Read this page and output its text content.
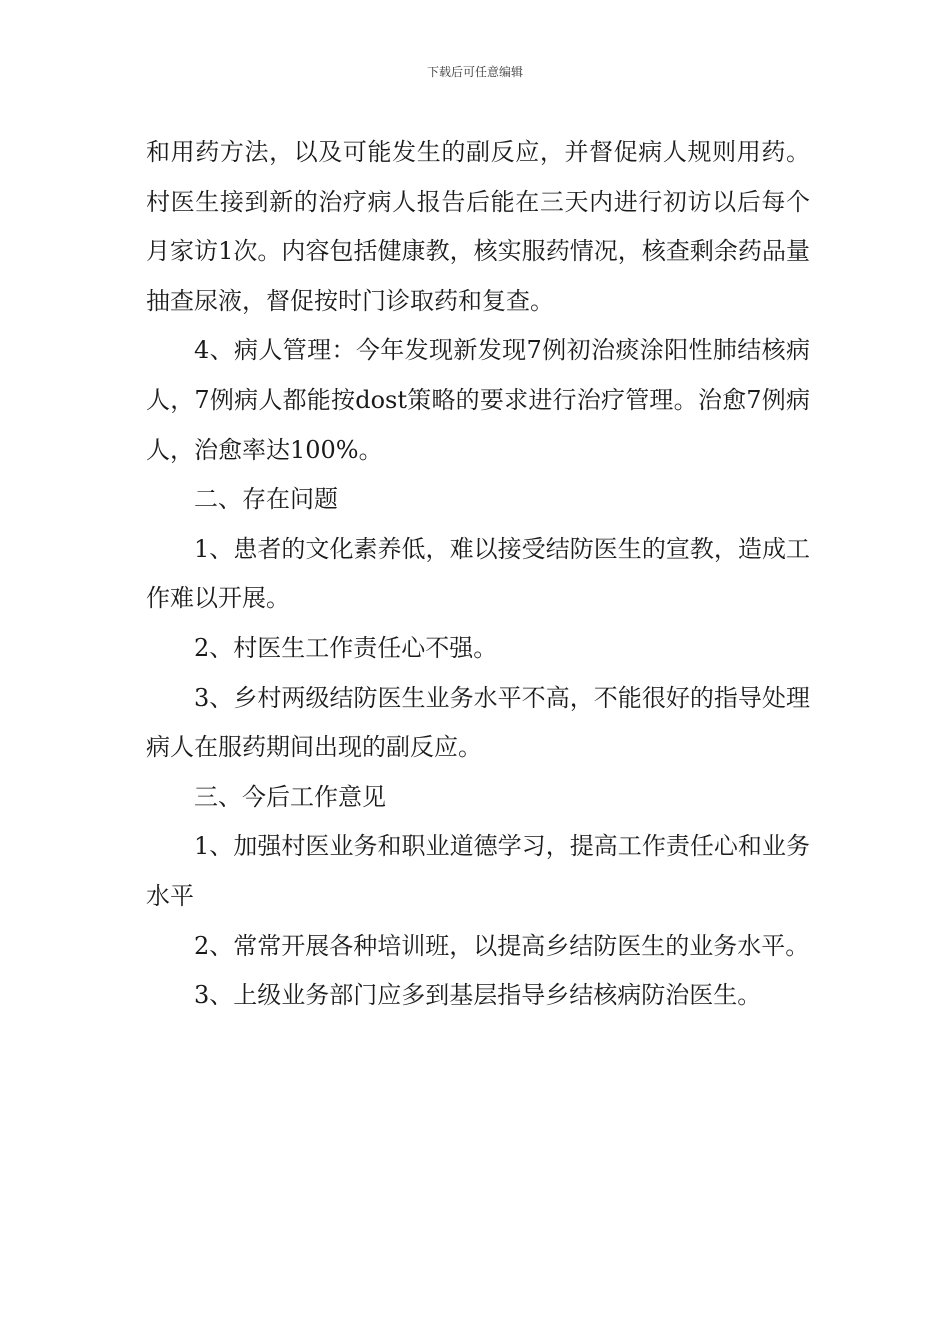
下载后可任意编辑

和用药方法，以及可能发生的副反应，并督促病人规则用药。村医生接到新的治疗病人报告后能在三天内进行初访以后每个月家访1次。内容包括健康教，核实服药情况，核查剩余药品量抽查尿液，督促按时门诊取药和复查。

4、病人管理：今年发现新发现7例初治痰涂阳性肺结核病人，7例病人都能按dost策略的要求进行治疗管理。治愈7例病人，治愈率达100%。

二、存在问题

1、患者的文化素养低，难以接受结防医生的宣教，造成工作难以开展。

2、村医生工作责任心不强。

3、乡村两级结防医生业务水平不高，不能很好的指导处理病人在服药期间出现的副反应。

三、今后工作意见

1、加强村医业务和职业道德学习，提高工作责任心和业务水平

2、常常开展各种培训班，以提高乡结防医生的业务水平。

3、上级业务部门应多到基层指导乡结核病防治医生。
